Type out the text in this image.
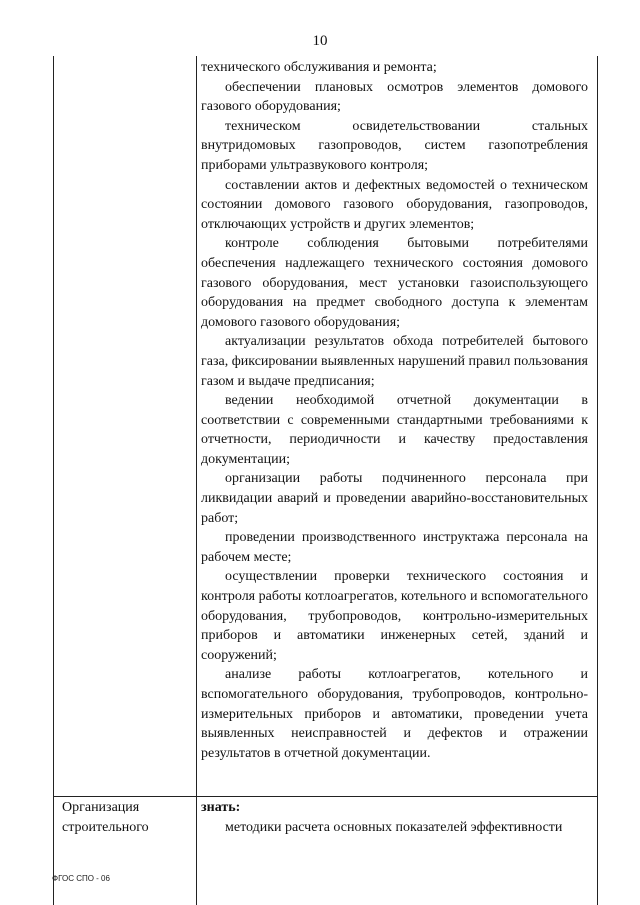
10

технического обслуживания и ремонта;

обеспечении плановых осмотров элементов домового газового оборудования;

техническом освидетельствовании стальных внутридомовых газопроводов, систем газопотребления приборами ультразвукового контроля;

составлении актов и дефектных ведомостей о техническом состоянии домового газового оборудования, газопроводов, отключающих устройств и других элементов;

контроле соблюдения бытовыми потребителями обеспечения надлежащего технического состояния домового газового оборудования, мест установки газоиспользующего оборудования на предмет свободного доступа к элементам домового газового оборудования;

актуализации результатов обхода потребителей бытового газа, фиксировании выявленных нарушений правил пользования газом и выдаче предписания;

ведении необходимой отчетной документации в соответствии с современными стандартными требованиями к отчетности, периодичности и качеству предоставления документации;

организации работы подчиненного персонала при ликвидации аварий и проведении аварийно-восстановительных работ;

проведении производственного инструктажа персонала на рабочем месте;

осуществлении проверки технического состояния и контроля работы котлоагрегатов, котельного и вспомогательного оборудования, трубопроводов, контрольно-измерительных приборов и автоматики инженерных сетей, зданий и сооружений;

анализе работы котлоагрегатов, котельного и вспомогательного оборудования, трубопроводов, контрольно-измерительных приборов и автоматики, проведении учета выявленных неисправностей и дефектов и отражении результатов в отчетной документации.

Организация

строительного

знать:

методики расчета основных показателей эффективности

ФГОС СПО - 06
